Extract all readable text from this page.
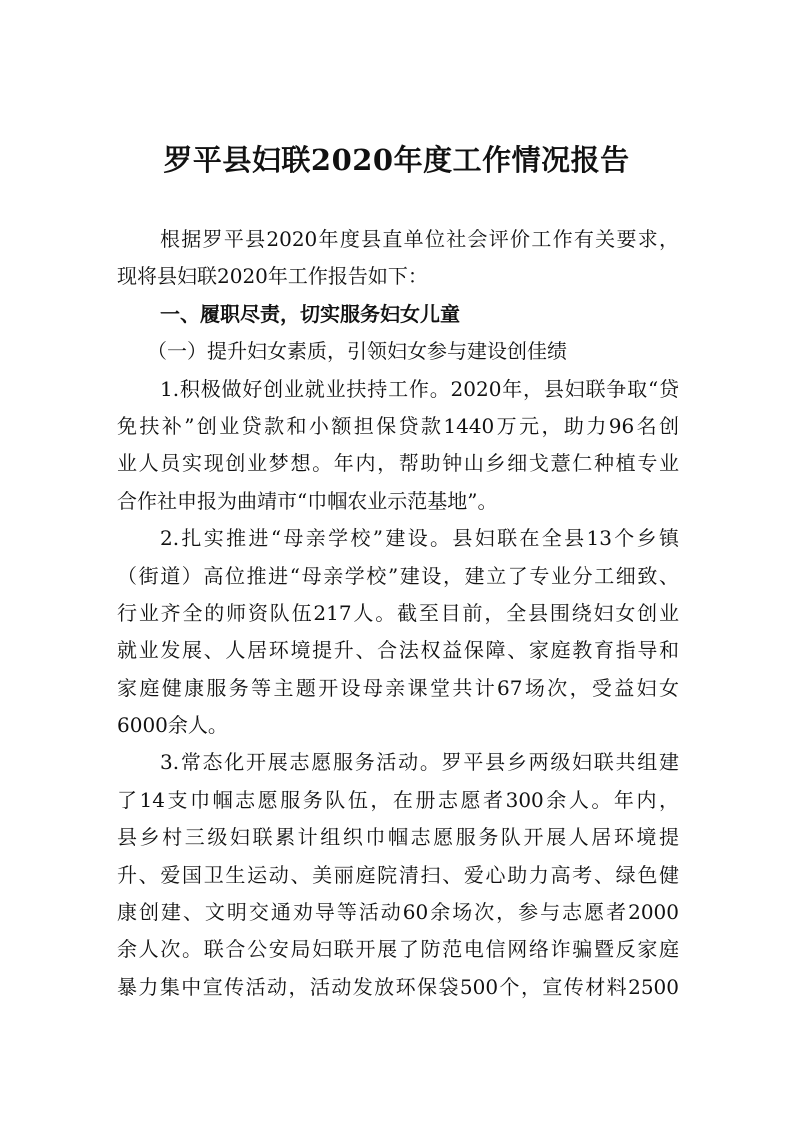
罗平县妇联2020年度工作情况报告
根据罗平县2020年度县直单位社会评价工作有关要求，
现将县妇联2020年工作报告如下：
一、履职尽责，切实服务妇女儿童
（一）提升妇女素质，引领妇女参与建设创佳绩
1.积极做好创业就业扶持工作。2020年，县妇联争取“贷
免扶补”创业贷款和小额担保贷款1440万元，助力96名创
业人员实现创业梦想。年内，帮助钟山乡细戈薏仁种植专业
合作社申报为曲靖市“巾帼农业示范基地”。
2.扎实推进“母亲学校”建设。县妇联在全县13个乡镇
（街道）高位推进“母亲学校”建设，建立了专业分工细致、
行业齐全的师资队伍217人。截至目前，全县围绕妇女创业
就业发展、人居环境提升、合法权益保障、家庭教育指导和
家庭健康服务等主题开设母亲课堂共计67场次，受益妇女
6000余人。
3.常态化开展志愿服务活动。罗平县乡两级妇联共组建
了14支巾帼志愿服务队伍，在册志愿者300余人。年内，
县乡村三级妇联累计组织巾帼志愿服务队开展人居环境提
升、爱国卫生运动、美丽庭院清扫、爱心助力高考、绿色健
康创建、文明交通劝导等活动60余场次，参与志愿者2000
余人次。联合公安局妇联开展了防范电信网络诈骗暨反家庭
暴力集中宣传活动，活动发放环保袋500个，宣传材料2500
